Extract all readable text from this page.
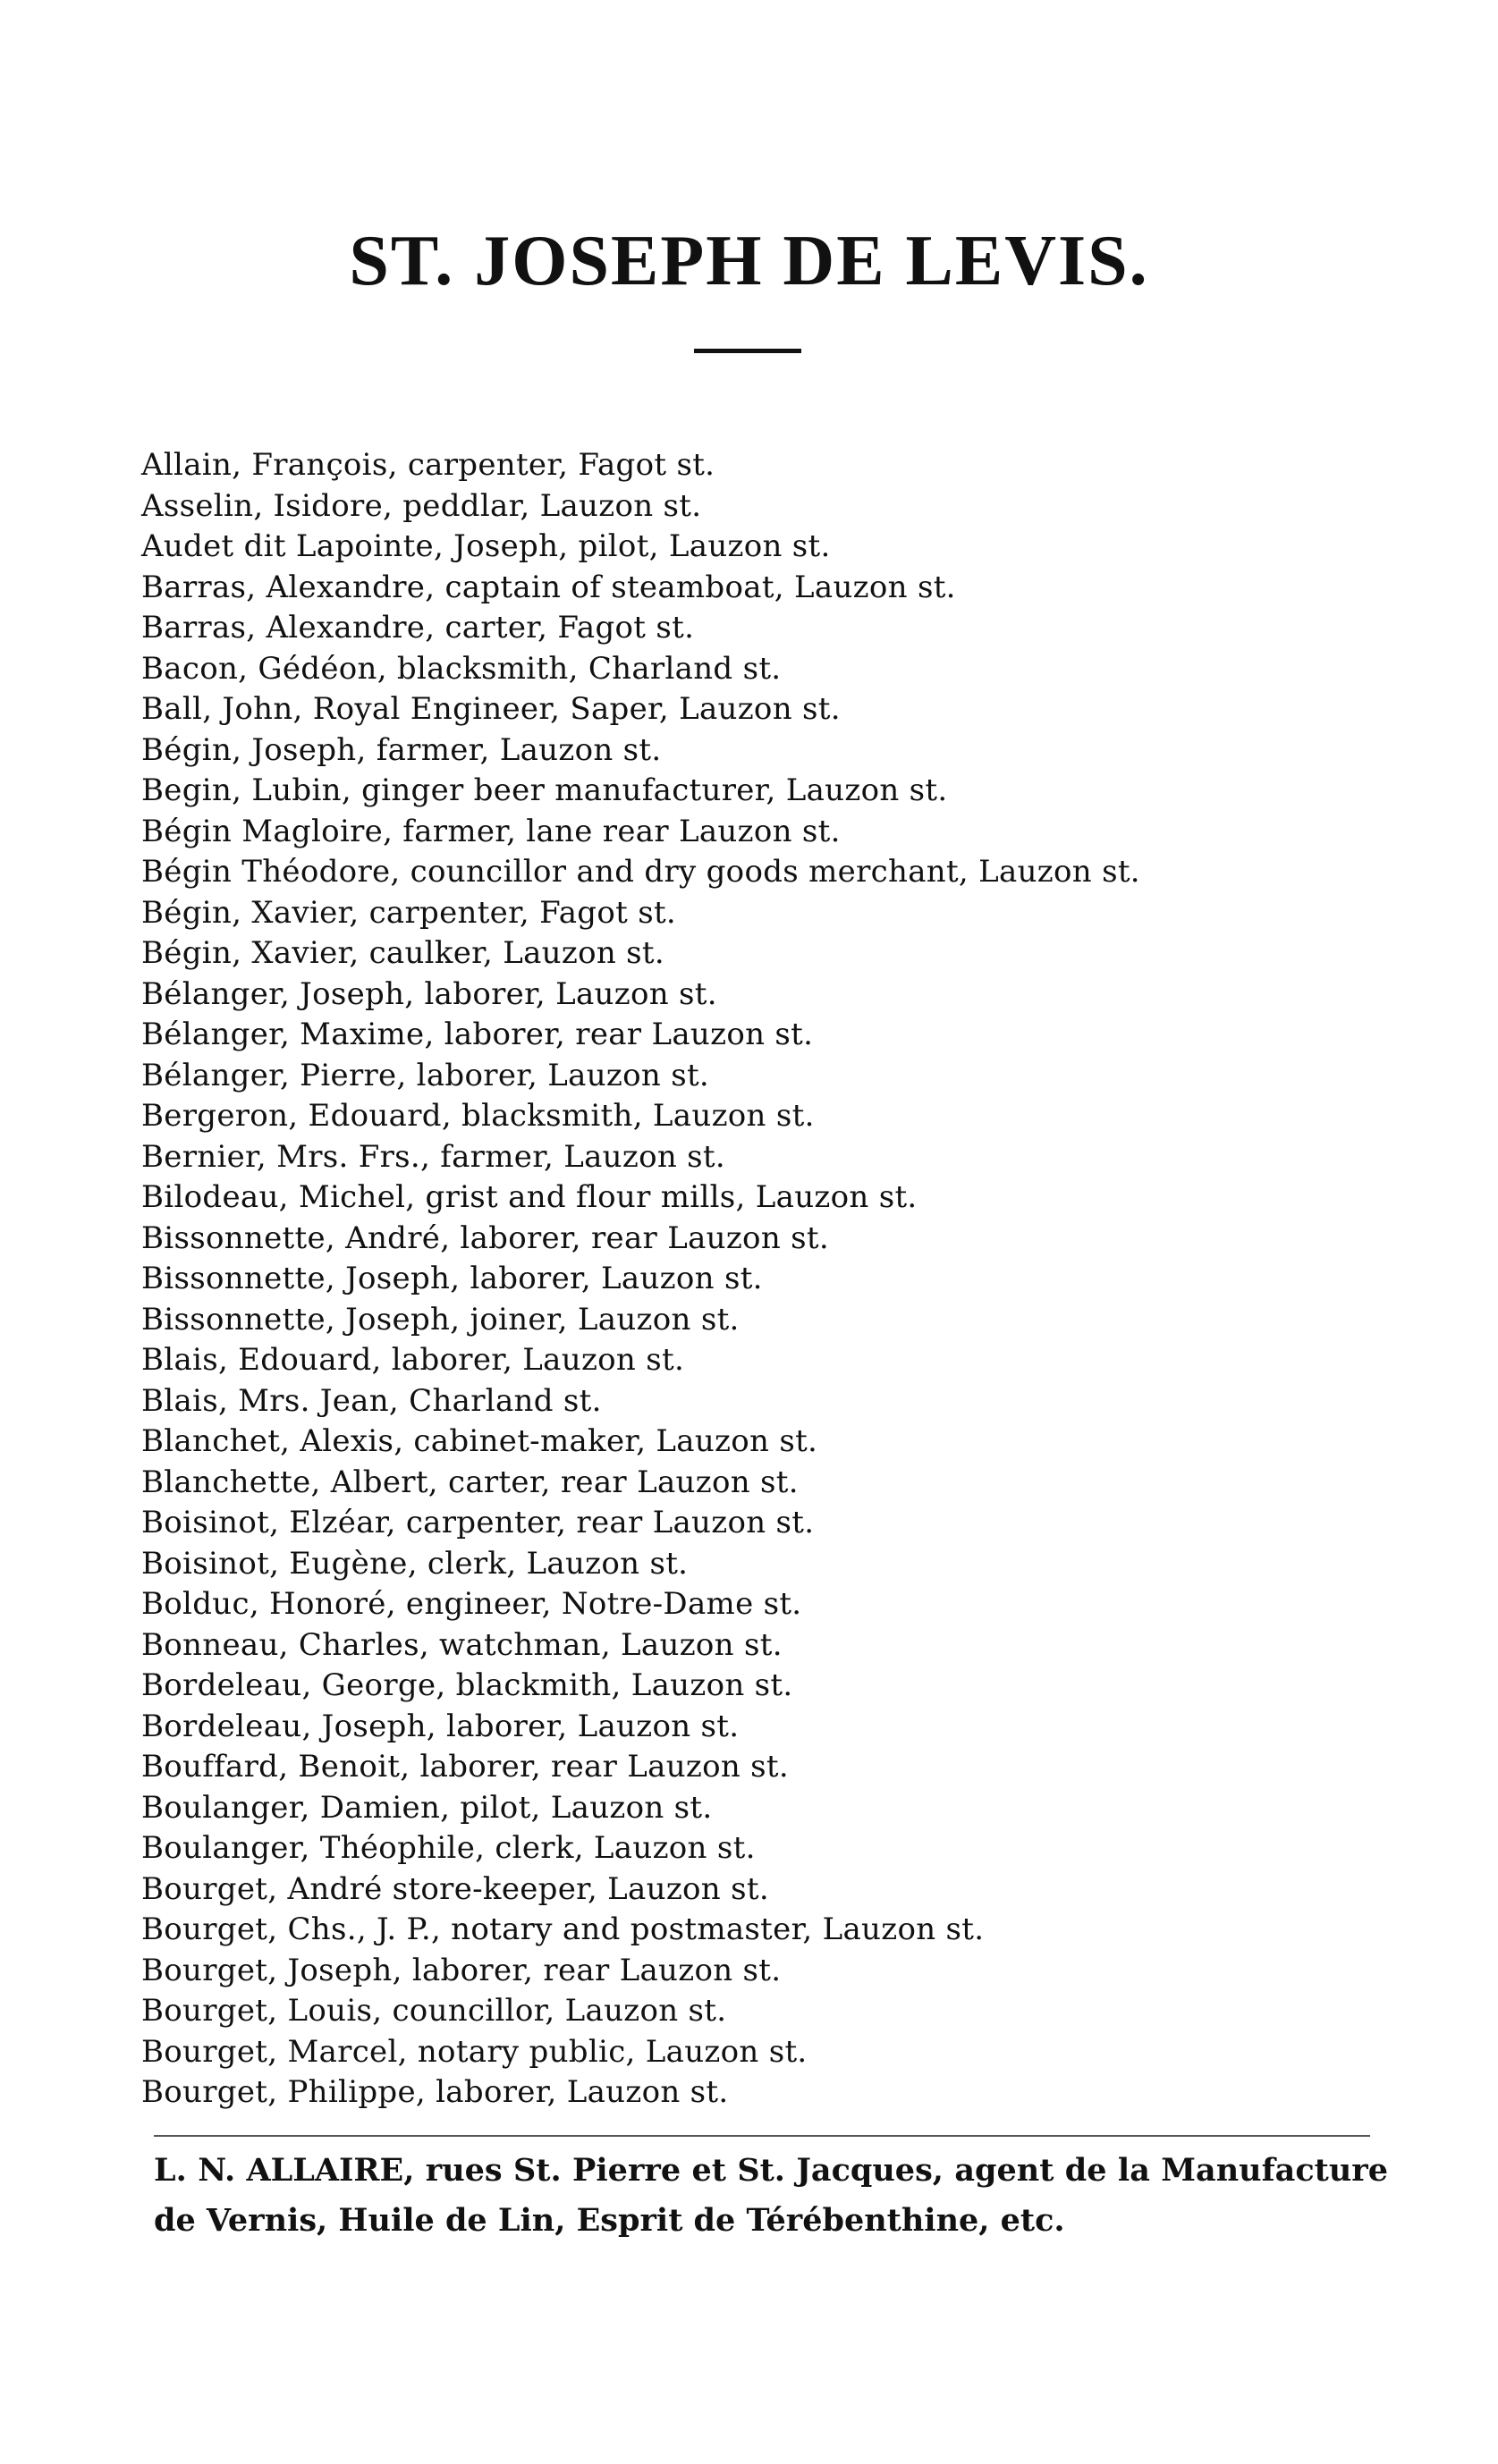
ST. JOSEPH DE LEVIS.
Allain, François, carpenter, Fagot st.
Asselin, Isidore, peddlar, Lauzon st.
Audet dit Lapointe, Joseph, pilot, Lauzon st.
Barras, Alexandre, captain of steamboat, Lauzon st.
Barras, Alexandre, carter, Fagot st.
Bacon, Gédéon, blacksmith, Charland st.
Ball, John, Royal Engineer, Saper, Lauzon st.
Bégin, Joseph, farmer, Lauzon st.
Begin, Lubin, ginger beer manufacturer, Lauzon st.
Bégin Magloire, farmer, lane rear Lauzon st.
Bégin Théodore, councillor and dry goods merchant, Lauzon st.
Bégin, Xavier, carpenter, Fagot st.
Bégin, Xavier, caulker, Lauzon st.
Bélanger, Joseph, laborer, Lauzon st.
Bélanger, Maxime, laborer, rear Lauzon st.
Bélanger, Pierre, laborer, Lauzon st.
Bergeron, Edouard, blacksmith, Lauzon st.
Bernier, Mrs. Frs., farmer, Lauzon st.
Bilodeau, Michel, grist and flour mills, Lauzon st.
Bissonnette, André, laborer, rear Lauzon st.
Bissonnette, Joseph, laborer, Lauzon st.
Bissonnette, Joseph, joiner, Lauzon st.
Blais, Edouard, laborer, Lauzon st.
Blais, Mrs. Jean, Charland st.
Blanchet, Alexis, cabinet-maker, Lauzon st.
Blanchette, Albert, carter, rear Lauzon st.
Boisinot, Elzéar, carpenter, rear Lauzon st.
Boisinot, Eugène, clerk, Lauzon st.
Bolduc, Honoré, engineer, Notre-Dame st.
Bonneau, Charles, watchman, Lauzon st.
Bordeleau, George, blackmith, Lauzon st.
Bordeleau, Joseph, laborer, Lauzon st.
Bouffard, Benoit, laborer, rear Lauzon st.
Boulanger, Damien, pilot, Lauzon st.
Boulanger, Théophile, clerk, Lauzon st.
Bourget, André store-keeper, Lauzon st.
Bourget, Chs., J. P., notary and postmaster, Lauzon st.
Bourget, Joseph, laborer, rear Lauzon st.
Bourget, Louis, councillor, Lauzon st.
Bourget, Marcel, notary public, Lauzon st.
Bourget, Philippe, laborer, Lauzon st.
L. N. ALLAIRE, rues St. Pierre et St. Jacques, agent de la Manufacture de Vernis, Huile de Lin, Esprit de Térébenthine, etc.
